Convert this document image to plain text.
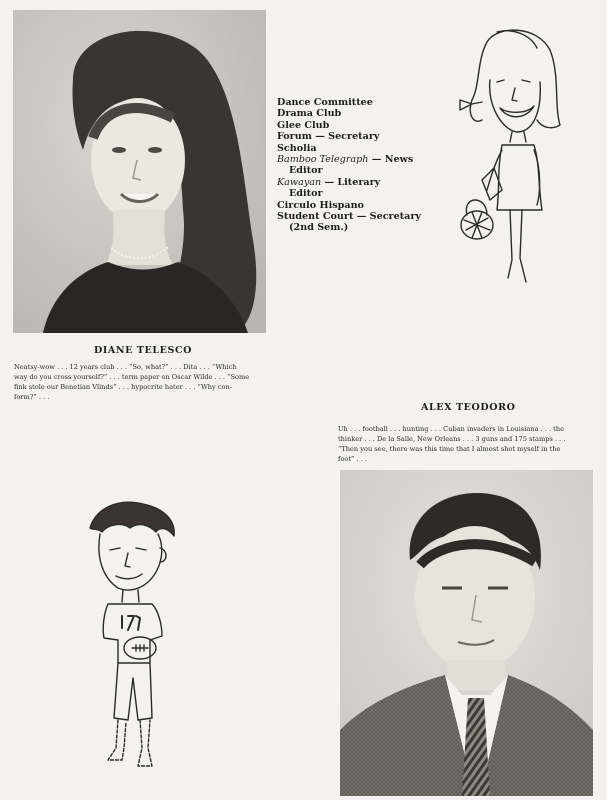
Dance Committee
Drama Club
Glee Club
Forum — Secretary
Scholia
Bamboo Telegraph — News
Editor
Kawayan — Literary
Editor
Circulo Hispano
Student Court — Secretary
(2nd Sem.)
DIANE TELESCO
Neatsy-wow . . . 12 years club . . . “So, what?” . . . Dita . . . “Which
way do you cross yourself?” . . . term paper on Oscar Wilde . . . “Some
fink stole our Benetian Vlinds” . . . hypocrite hater . . . “Why con-
form?” . . .
ALEX TEODORO
Uh . . . football . . . hunting . . . Cuban invaders in Louisiana . . . the
thinker . . . De la Salle, New Orleans . . . 3 guns and 175 stamps . . .
“Then you see, there was this time that I almost shot myself in the
foot” . . .
